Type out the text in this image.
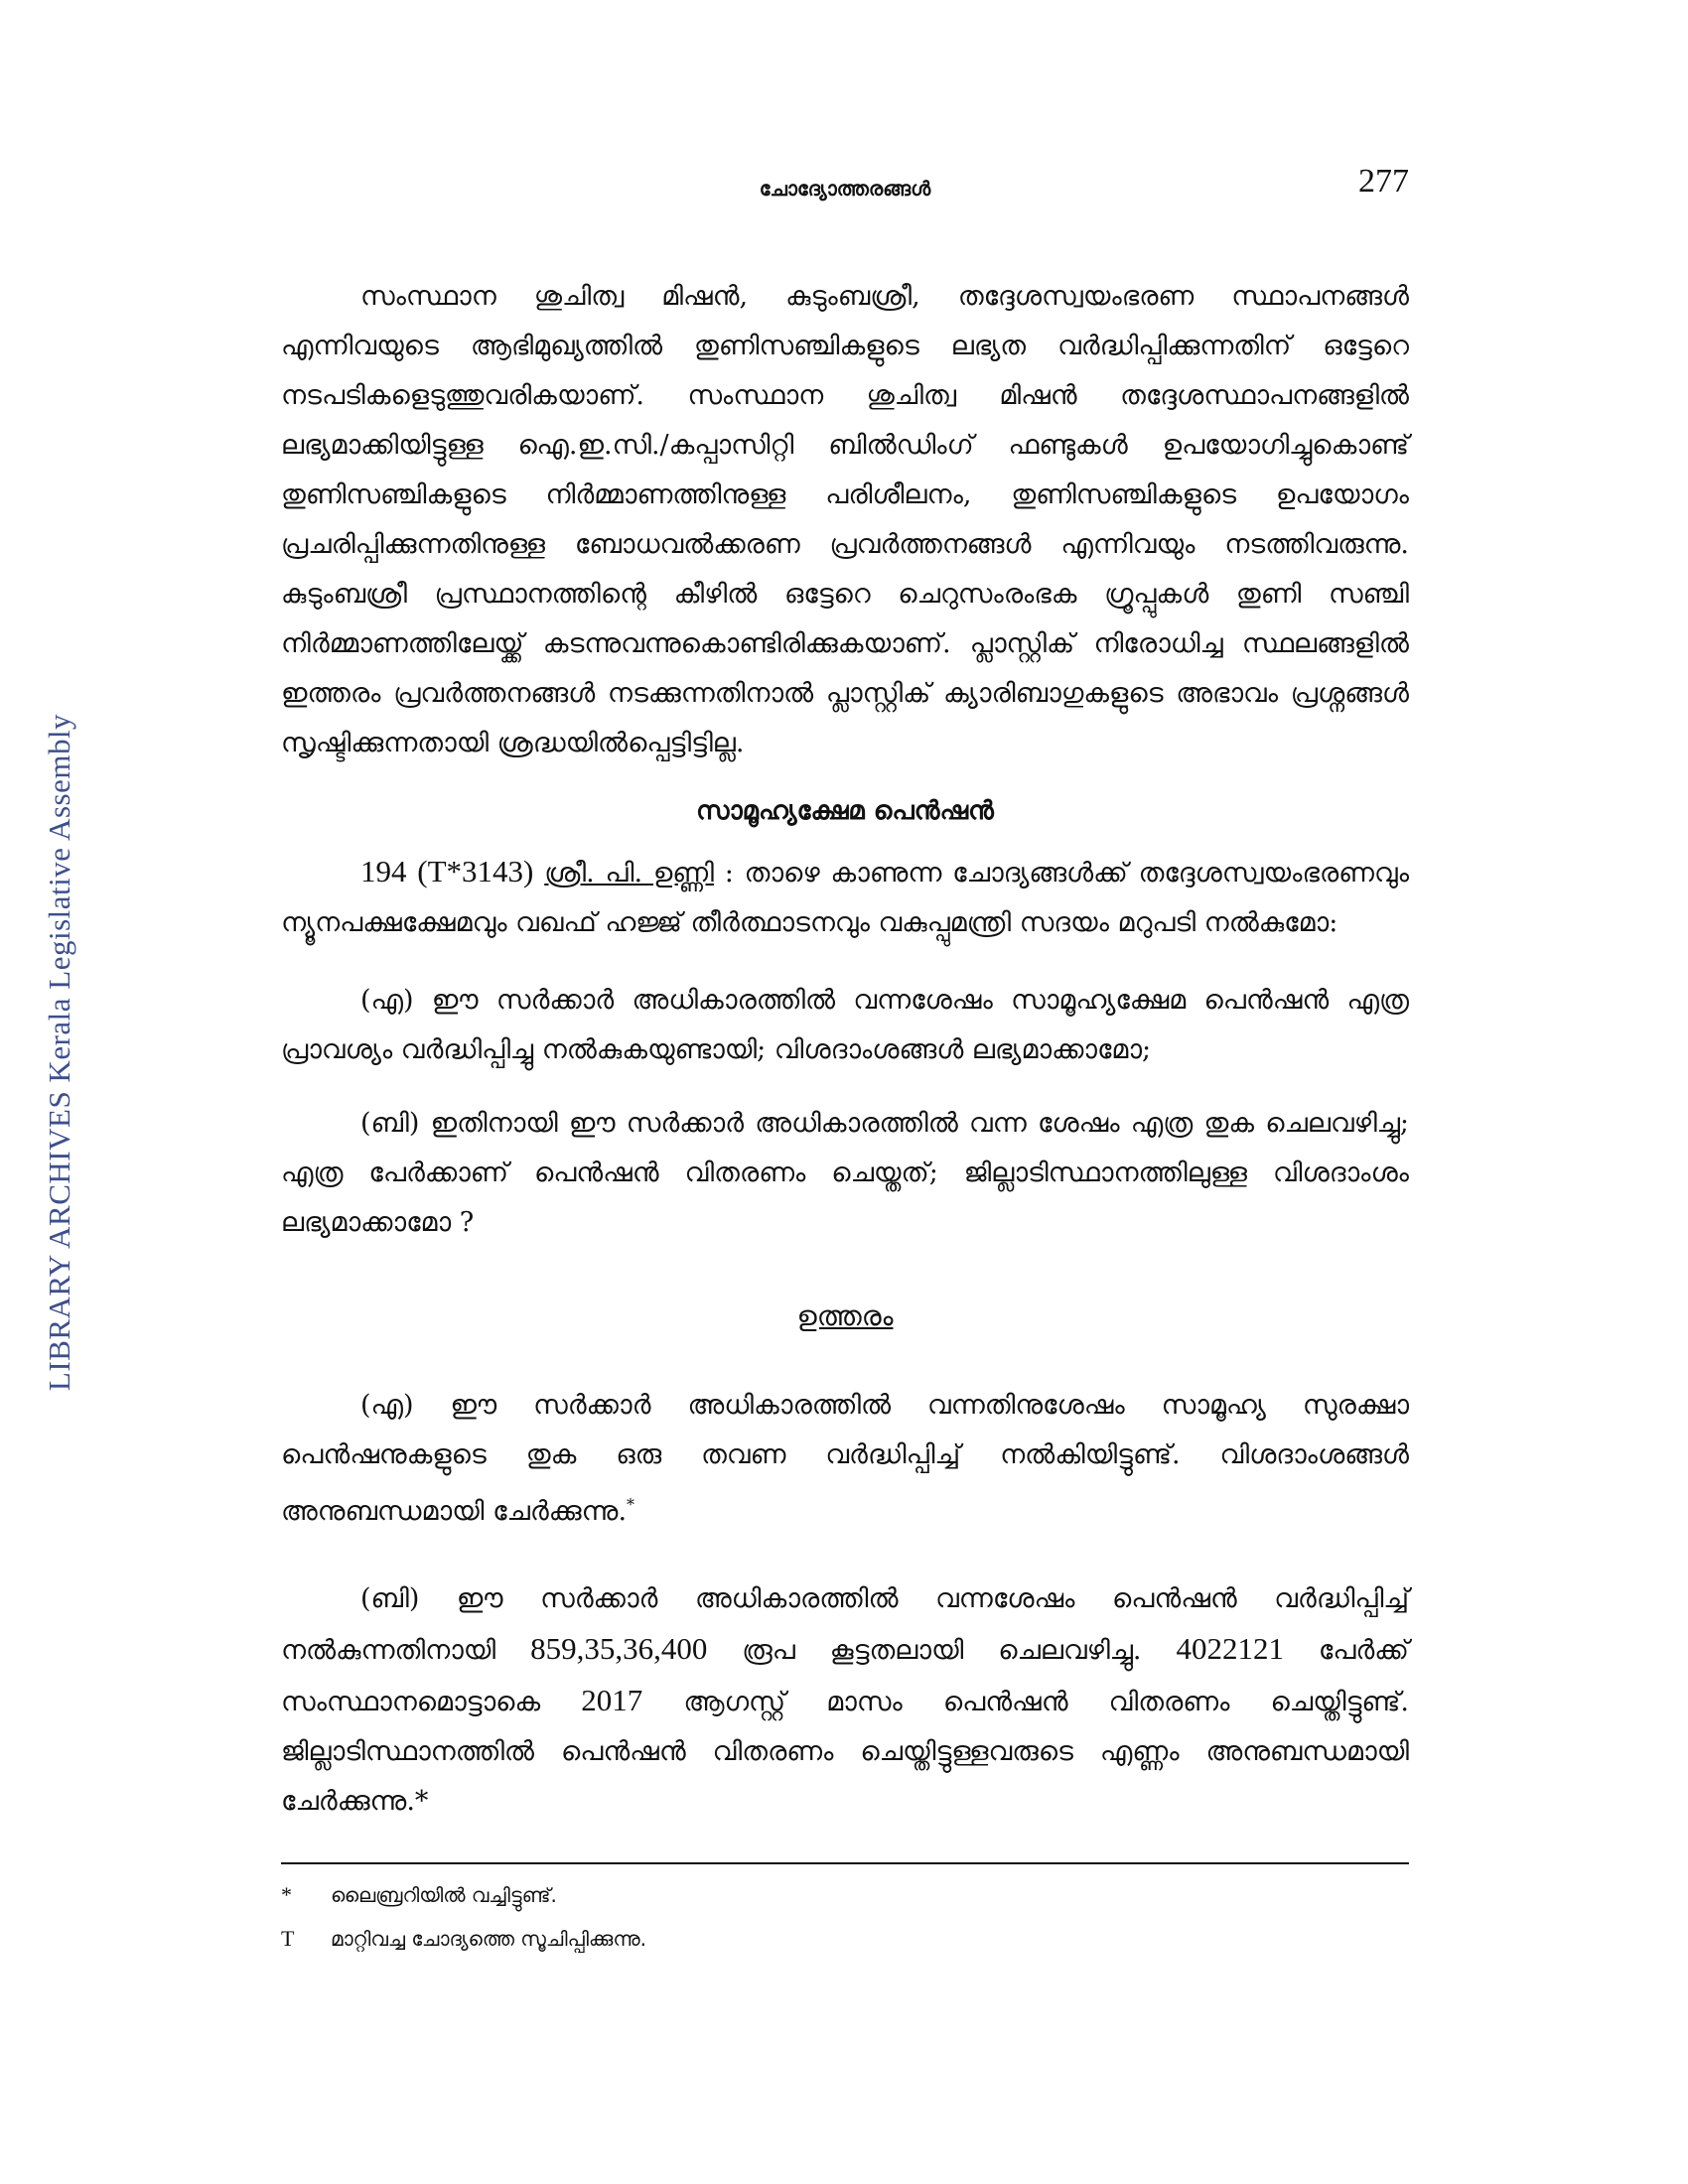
LIBRARY ARCHIVES Kerala Legislative Assembly
ചോദ്യോത്തരങ്ങൾ	277

സംസ്ഥാന ശുചിത്വ മിഷൻ, കുടുംബശ്രീ, തദ്ദേശസ്വയംഭരണ സ്ഥാപനങ്ങൾ എന്നിവയുടെ ആഭിമുഖ്യത്തിൽ തുണിസഞ്ചികളുടെ ലഭ്യത വർദ്ധിപ്പിക്കുന്നതിന് ഒട്ടേറെ നടപടികളെടുത്തുവരികയാണ്. സംസ്ഥാന ശുചിത്വ മിഷൻ തദ്ദേശസ്ഥാപനങ്ങളിൽ ലഭ്യമാക്കിയിട്ടുള്ള ഐ.ഇ.സി./കപ്പാസിറ്റി ബിൽഡിംഗ് ഫണ്ടുകൾ ഉപയോഗിച്ചുകൊണ്ട് തുണിസഞ്ചികളുടെ നിർമ്മാണത്തിനുള്ള പരിശീലനം, തുണിസഞ്ചികളുടെ ഉപയോഗം പ്രചരിപ്പിക്കുന്നതിനുള്ള ബോധവൽക്കരണ പ്രവർത്തനങ്ങൾ എന്നിവയും നടത്തിവരുന്നു. കുടുംബശ്രീ പ്രസ്ഥാനത്തിന്റെ കീഴിൽ ഒട്ടേറെ ചെറുസംരംഭക ഗ്രൂപ്പുകൾ തുണി സഞ്ചി നിർമ്മാണത്തിലേയ്ക്ക് കടന്നുവന്നുകൊണ്ടിരിക്കുകയാണ്. പ്ലാസ്റ്റിക് നിരോധിച്ച സ്ഥലങ്ങളിൽ ഇത്തരം പ്രവർത്തനങ്ങൾ നടക്കുന്നതിനാൽ പ്ലാസ്റ്റിക് ക്യാരിബാഗുകളുടെ അഭാവം പ്രശ്നങ്ങൾ സൃഷ്ടിക്കുന്നതായി ശ്രദ്ധയിൽപ്പെട്ടിട്ടില്ല.

സാമൂഹ്യക്ഷേമ പെൻഷൻ

194 (T*3143) ശ്രീ. പി. ഉണ്ണി : താഴെ കാണുന്ന ചോദ്യങ്ങൾക്ക് തദ്ദേശസ്വയംഭരണവും ന്യൂനപക്ഷക്ഷേമവും വഖഫ് ഹജ്ജ് തീർത്ഥാടനവും വകുപ്പുമന്ത്രി സദയം മറുപടി നൽകുമോ:

(എ) ഈ സർക്കാർ അധികാരത്തിൽ വന്നശേഷം സാമൂഹ്യക്ഷേമ പെൻഷൻ എത്ര പ്രാവശ്യം വർദ്ധിപ്പിച്ചു നൽകുകയുണ്ടായി; വിശദാംശങ്ങൾ ലഭ്യമാക്കാമോ;

(ബി) ഇതിനായി ഈ സർക്കാർ അധികാരത്തിൽ വന്ന ശേഷം എത്ര തുക ചെലവഴിച്ചു; എത്ര പേർക്കാണ് പെൻഷൻ വിതരണം ചെയ്തത്; ജില്ലാടിസ്ഥാനത്തിലുള്ള വിശദാംശം ലഭ്യമാക്കാമോ ?

ഉത്തരം

(എ) ഈ സർക്കാർ അധികാരത്തിൽ വന്നതിനുശേഷം സാമൂഹ്യ സുരക്ഷാ പെൻഷനുകളുടെ തുക ഒരു തവണ വർദ്ധിപ്പിച്ച് നൽകിയിട്ടുണ്ട്. വിശദാംശങ്ങൾ അനുബന്ധമായി ചേർക്കുന്നു.*

(ബി) ഈ സർക്കാർ അധികാരത്തിൽ വന്നശേഷം പെൻഷൻ വർദ്ധിപ്പിച്ച് നൽകുന്നതിനായി 859,35,36,400 രൂപ കൂട്ടതലായി ചെലവഴിച്ചു. 4022121 പേർക്ക് സംസ്ഥാനമൊട്ടാകെ 2017 ആഗസ്റ്റ് മാസം പെൻഷൻ വിതരണം ചെയ്തിട്ടുണ്ട്. ജില്ലാടിസ്ഥാനത്തിൽ പെൻഷൻ വിതരണം ചെയ്തിട്ടുള്ളവരുടെ എണ്ണം അനുബന്ധമായി ചേർക്കുന്നു.*

*	ലൈബ്രറിയിൽ വച്ചിട്ടുണ്ട്.
T	മാറ്റിവച്ച ചോദ്യത്തെ സൂചിപ്പിക്കുന്നു.
